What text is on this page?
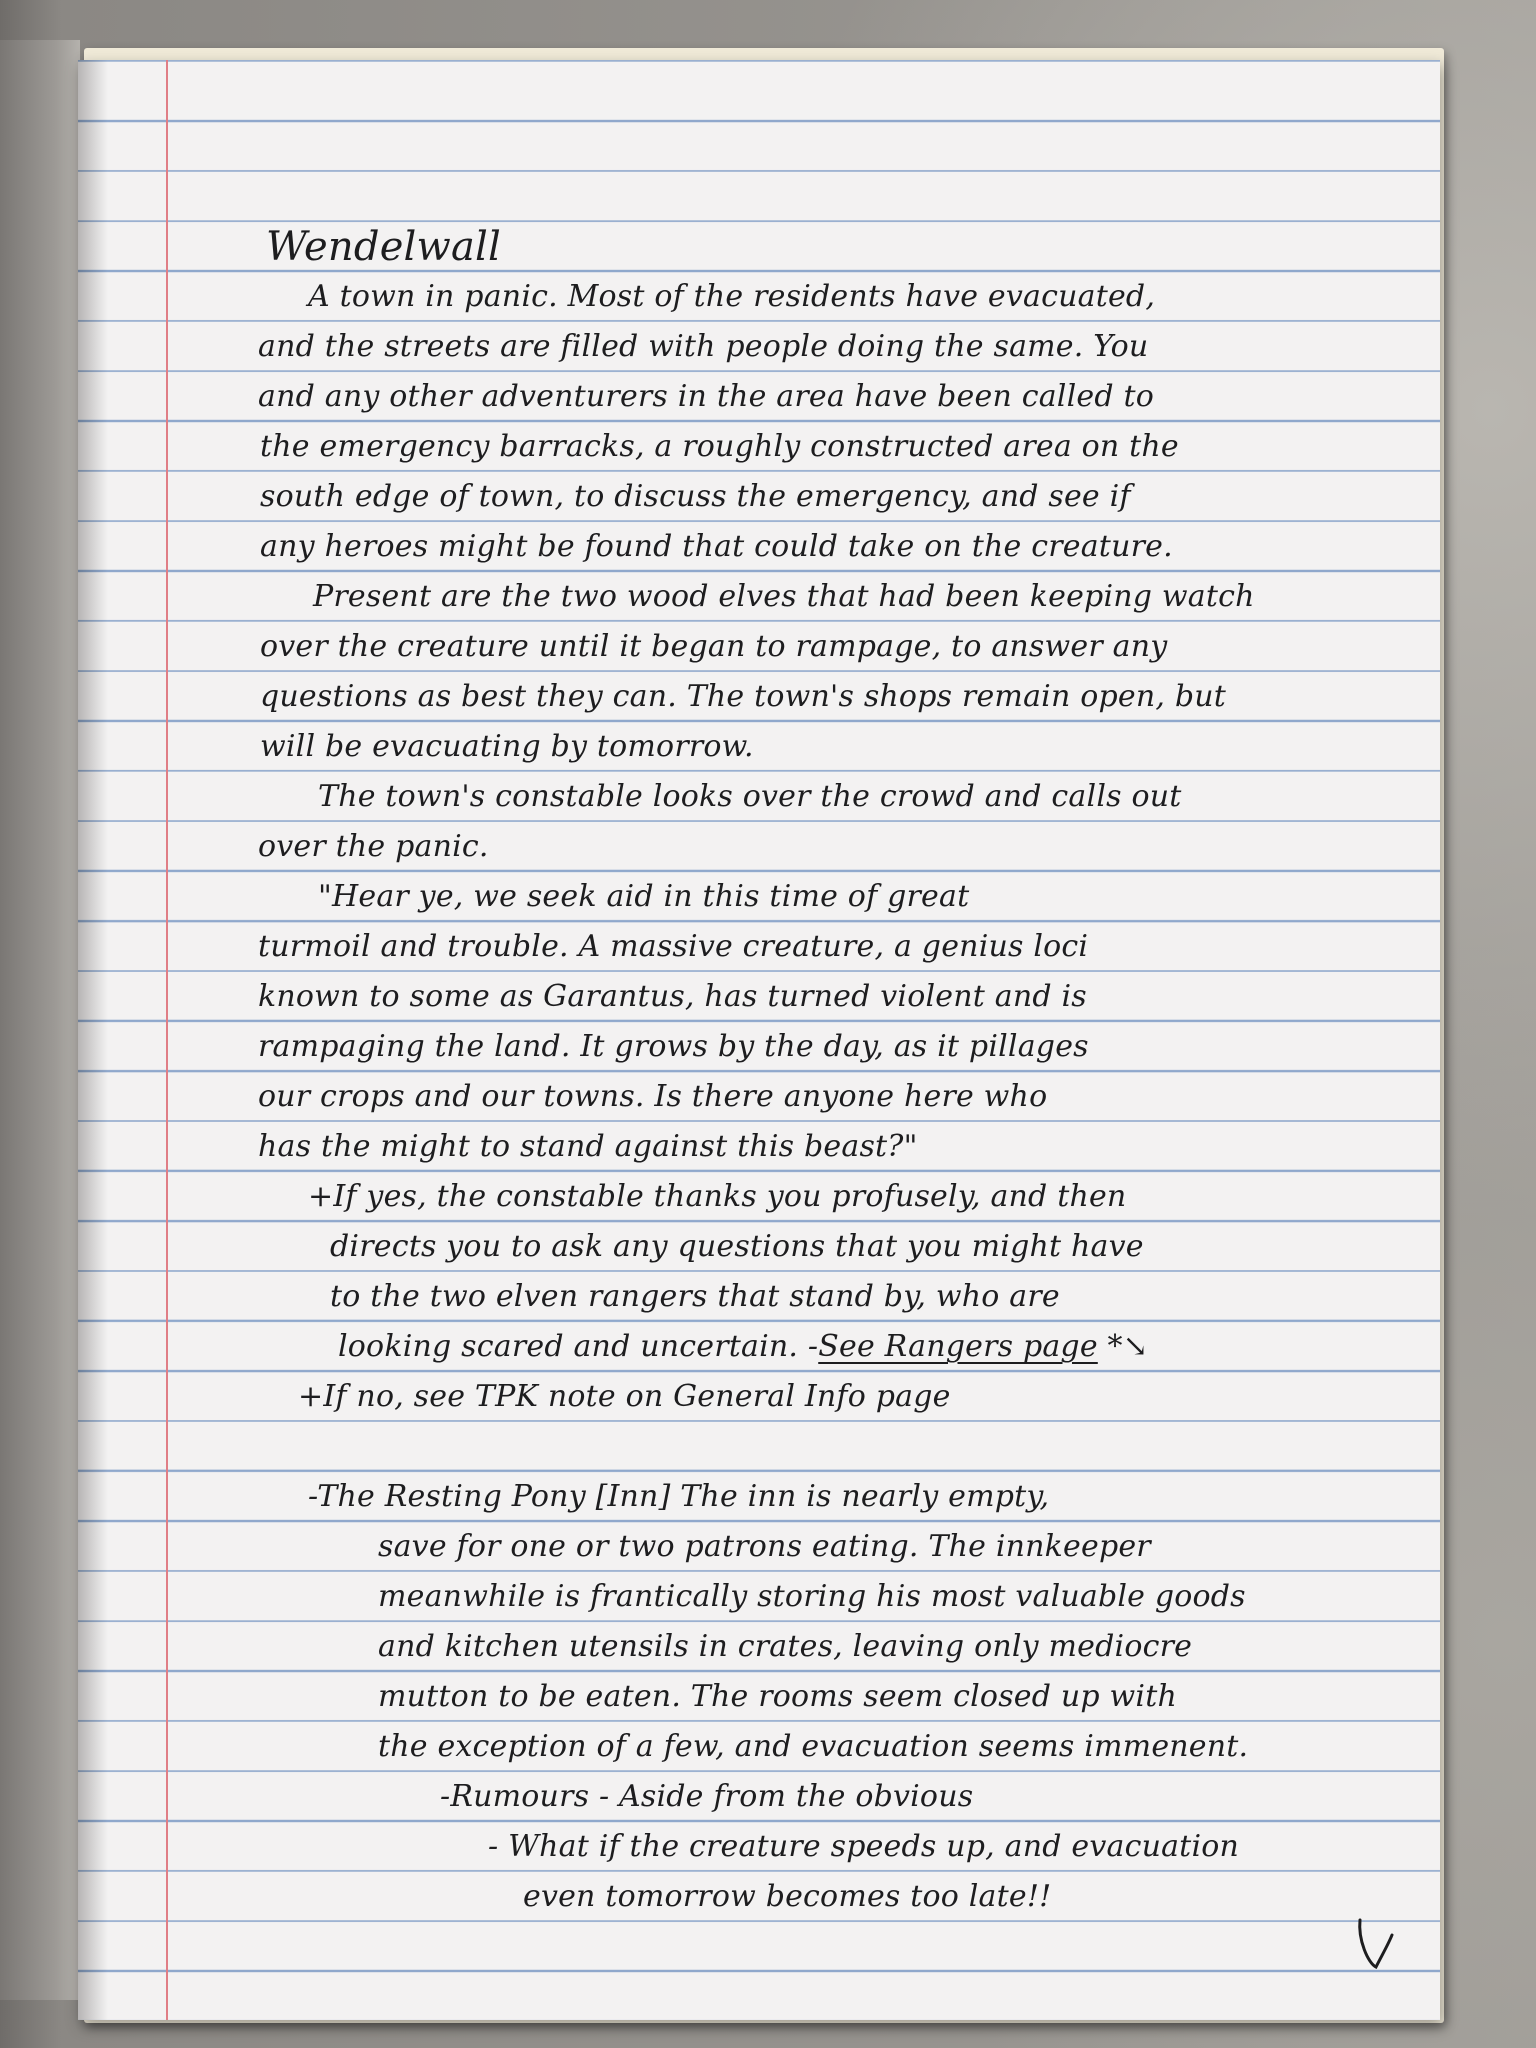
Wendelwall
A town in panic. Most of the residents have evacuated,
and the streets are filled with people doing the same. You
and any other adventurers in the area have been called to
the emergency barracks, a roughly constructed area on the
south edge of town, to discuss the emergency, and see if
any heroes might be found that could take on the creature.
Present are the two wood elves that had been keeping watch
over the creature until it began to rampage, to answer any
questions as best they can. The town's shops remain open, but
will be evacuating by tomorrow.
The town's constable looks over the crowd and calls out
over the panic.
"Hear ye, we seek aid in this time of great
turmoil and trouble. A massive creature, a genius loci
known to some as Garantus, has turned violent and is
rampaging the land. It grows by the day, as it pillages
our crops and our towns. Is there anyone here who
has the might to stand against this beast?"
+If yes, the constable thanks you profusely, and then
directs you to ask any questions that you might have
to the two elven rangers that stand by, who are
looking scared and uncertain. -See Rangers page *↘
+If no, see TPK note on General Info page
-The Resting Pony [Inn] The inn is nearly empty,
save for one or two patrons eating. The innkeeper
meanwhile is frantically storing his most valuable goods
and kitchen utensils in crates, leaving only mediocre
mutton to be eaten. The rooms seem closed up with
the exception of a few, and evacuation seems immenent.
-Rumours - Aside from the obvious
- What if the creature speeds up, and evacuation
even tomorrow becomes too late!!
